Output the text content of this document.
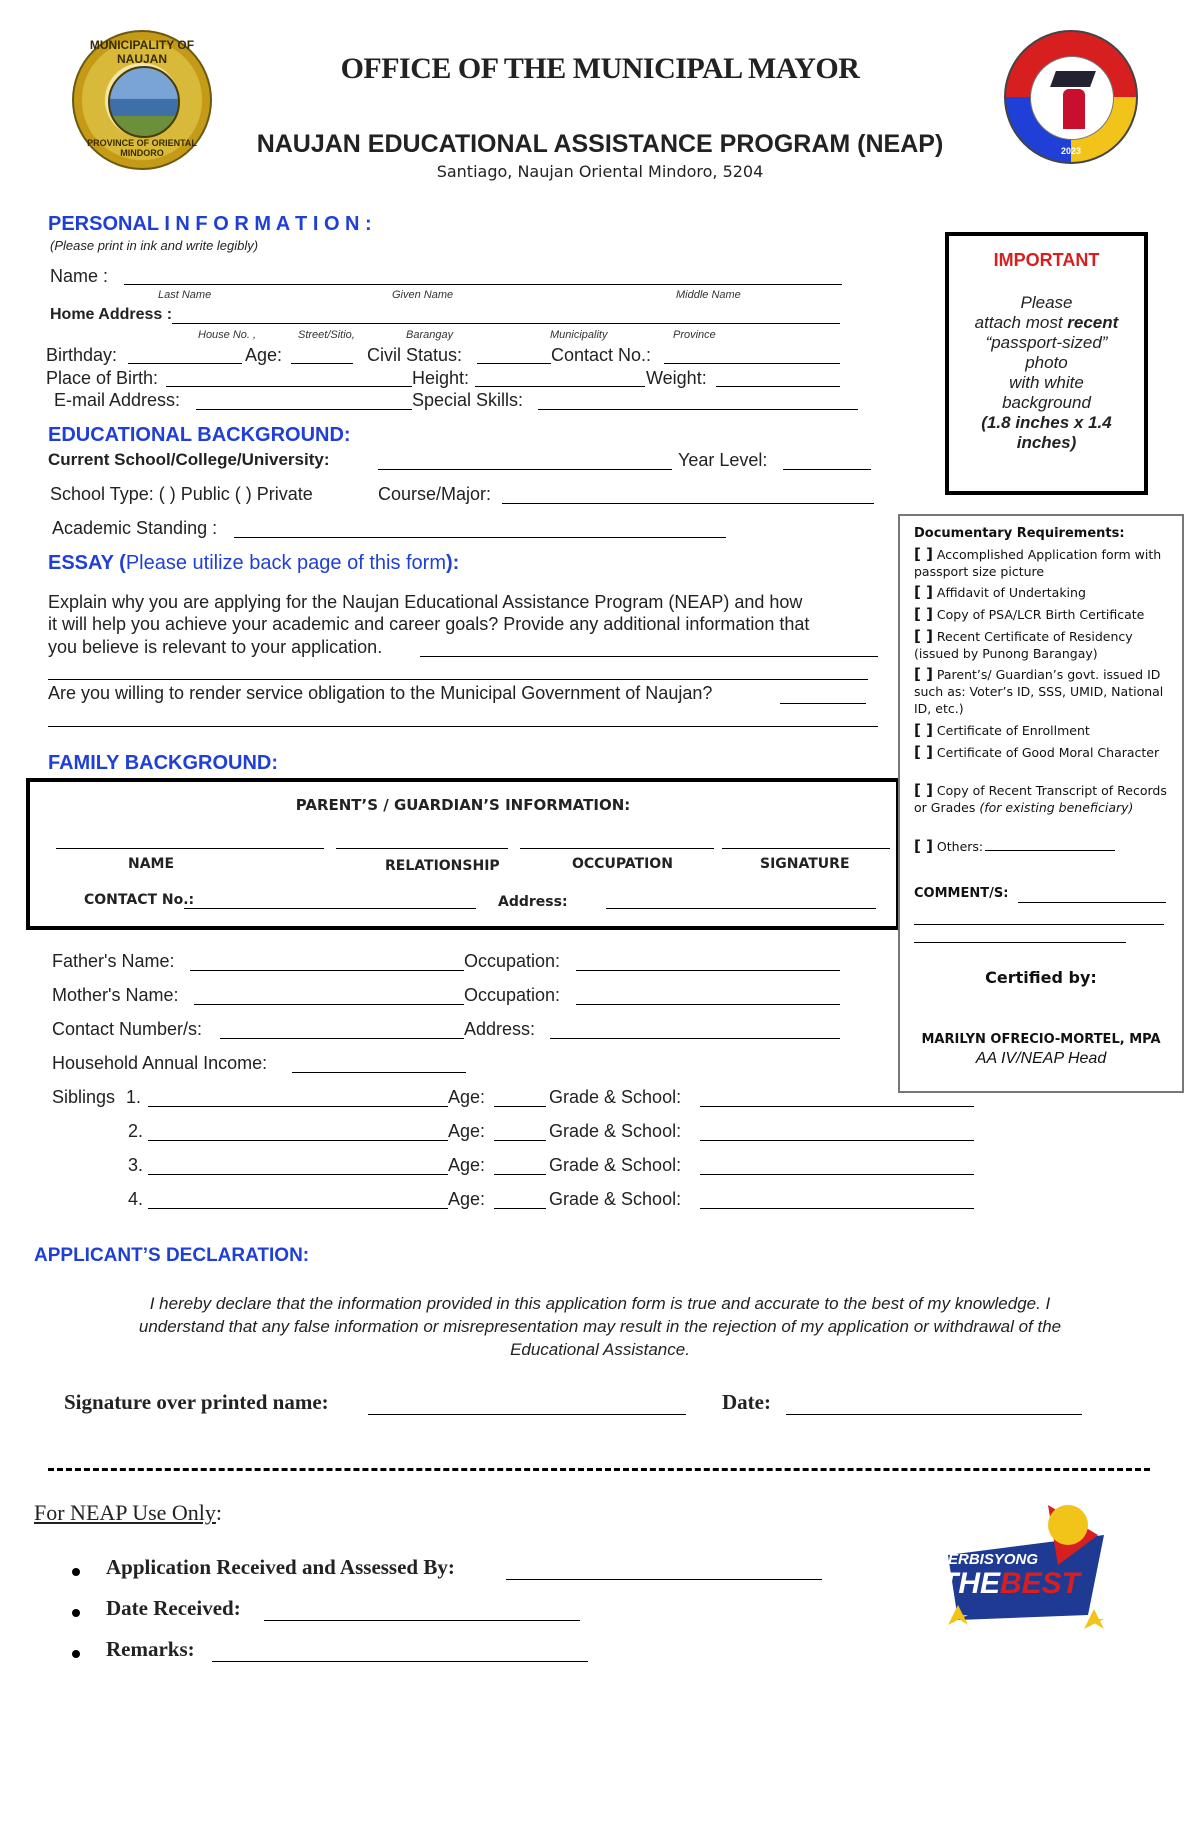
MUNICIPALITY OF NAUJAN
PROVINCE OF ORIENTAL MINDORO	2023
OFFICE OF THE MUNICIPAL MAYOR
NAUJAN EDUCATIONAL ASSISTANCE PROGRAM (NEAP)
Santiago, Naujan Oriental Mindoro, 5204
IMPORTANT
Please
attach most recent
“passport-sized”
photo
with white
background
(1.8 inches x 1.4
inches)
PERSONAL I N F O R M A T I O N :
(Please print in ink and write legibly)
Name :
Last Name	Given Name	Middle Name
Home Address :
House No. ,	Street/Sitio,	Barangay	Municipality	Province
Birthday:	Age:	Civil Status:	Contact No.:
Place of Birth:	Height:	Weight:
E-mail Address:	Special Skills:
EDUCATIONAL BACKGROUND:
Current School/College/University:	Year Level:
School Type: ( ) Public ( ) Private	Course/Major:
Academic Standing :
ESSAY (Please utilize back page of this form):
Explain why you are applying for the Naujan Educational Assistance Program (NEAP) and how
it will help you achieve your academic and career goals? Provide any additional information that
you believe is relevant to your application.
Are you willing to render service obligation to the Municipal Government of Naujan?
FAMILY BACKGROUND:
PARENT’S / GUARDIAN’S INFORMATION:
NAME	RELATIONSHIP	OCCUPATION	SIGNATURE
CONTACT No.:	Address:
Father's Name:	Occupation:
Mother's Name:	Occupation:
Contact Number/s:	Address:
Household Annual Income:
Siblings 1.	Age:	Grade & School:
2.	Age:	Grade & School:
3.	Age:	Grade & School:
4.	Age:	Grade & School:
Documentary Requirements:
[ ] Accomplished Application form with passport size picture
[ ] Affidavit of Undertaking
[ ] Copy of PSA/LCR Birth Certificate
[ ] Recent Certificate of Residency (issued by Punong Barangay)
[ ] Parent’s/ Guardian’s govt. issued ID such as: Voter’s ID, SSS, UMID, National ID, etc.)
[ ] Certificate of Enrollment
[ ] Certificate of Good Moral Character
[ ] Copy of Recent Transcript of Records or Grades (for existing beneficiary)
[ ] Others:
COMMENT/S:
Certified by:
MARILYN OFRECIO-MORTEL, MPA
AA IV/NEAP Head
APPLICANT’S DECLARATION:
I hereby declare that the information provided in this application form is true and accurate to the best of my knowledge. I
understand that any false information or misrepresentation may result in the rejection of my application or withdrawal of the
Educational Assistance.
Signature over printed name:	Date:
For NEAP Use Only:
Application Received and Assessed By:
Date Received:
Remarks:
SERBISYONG
THEBEST
